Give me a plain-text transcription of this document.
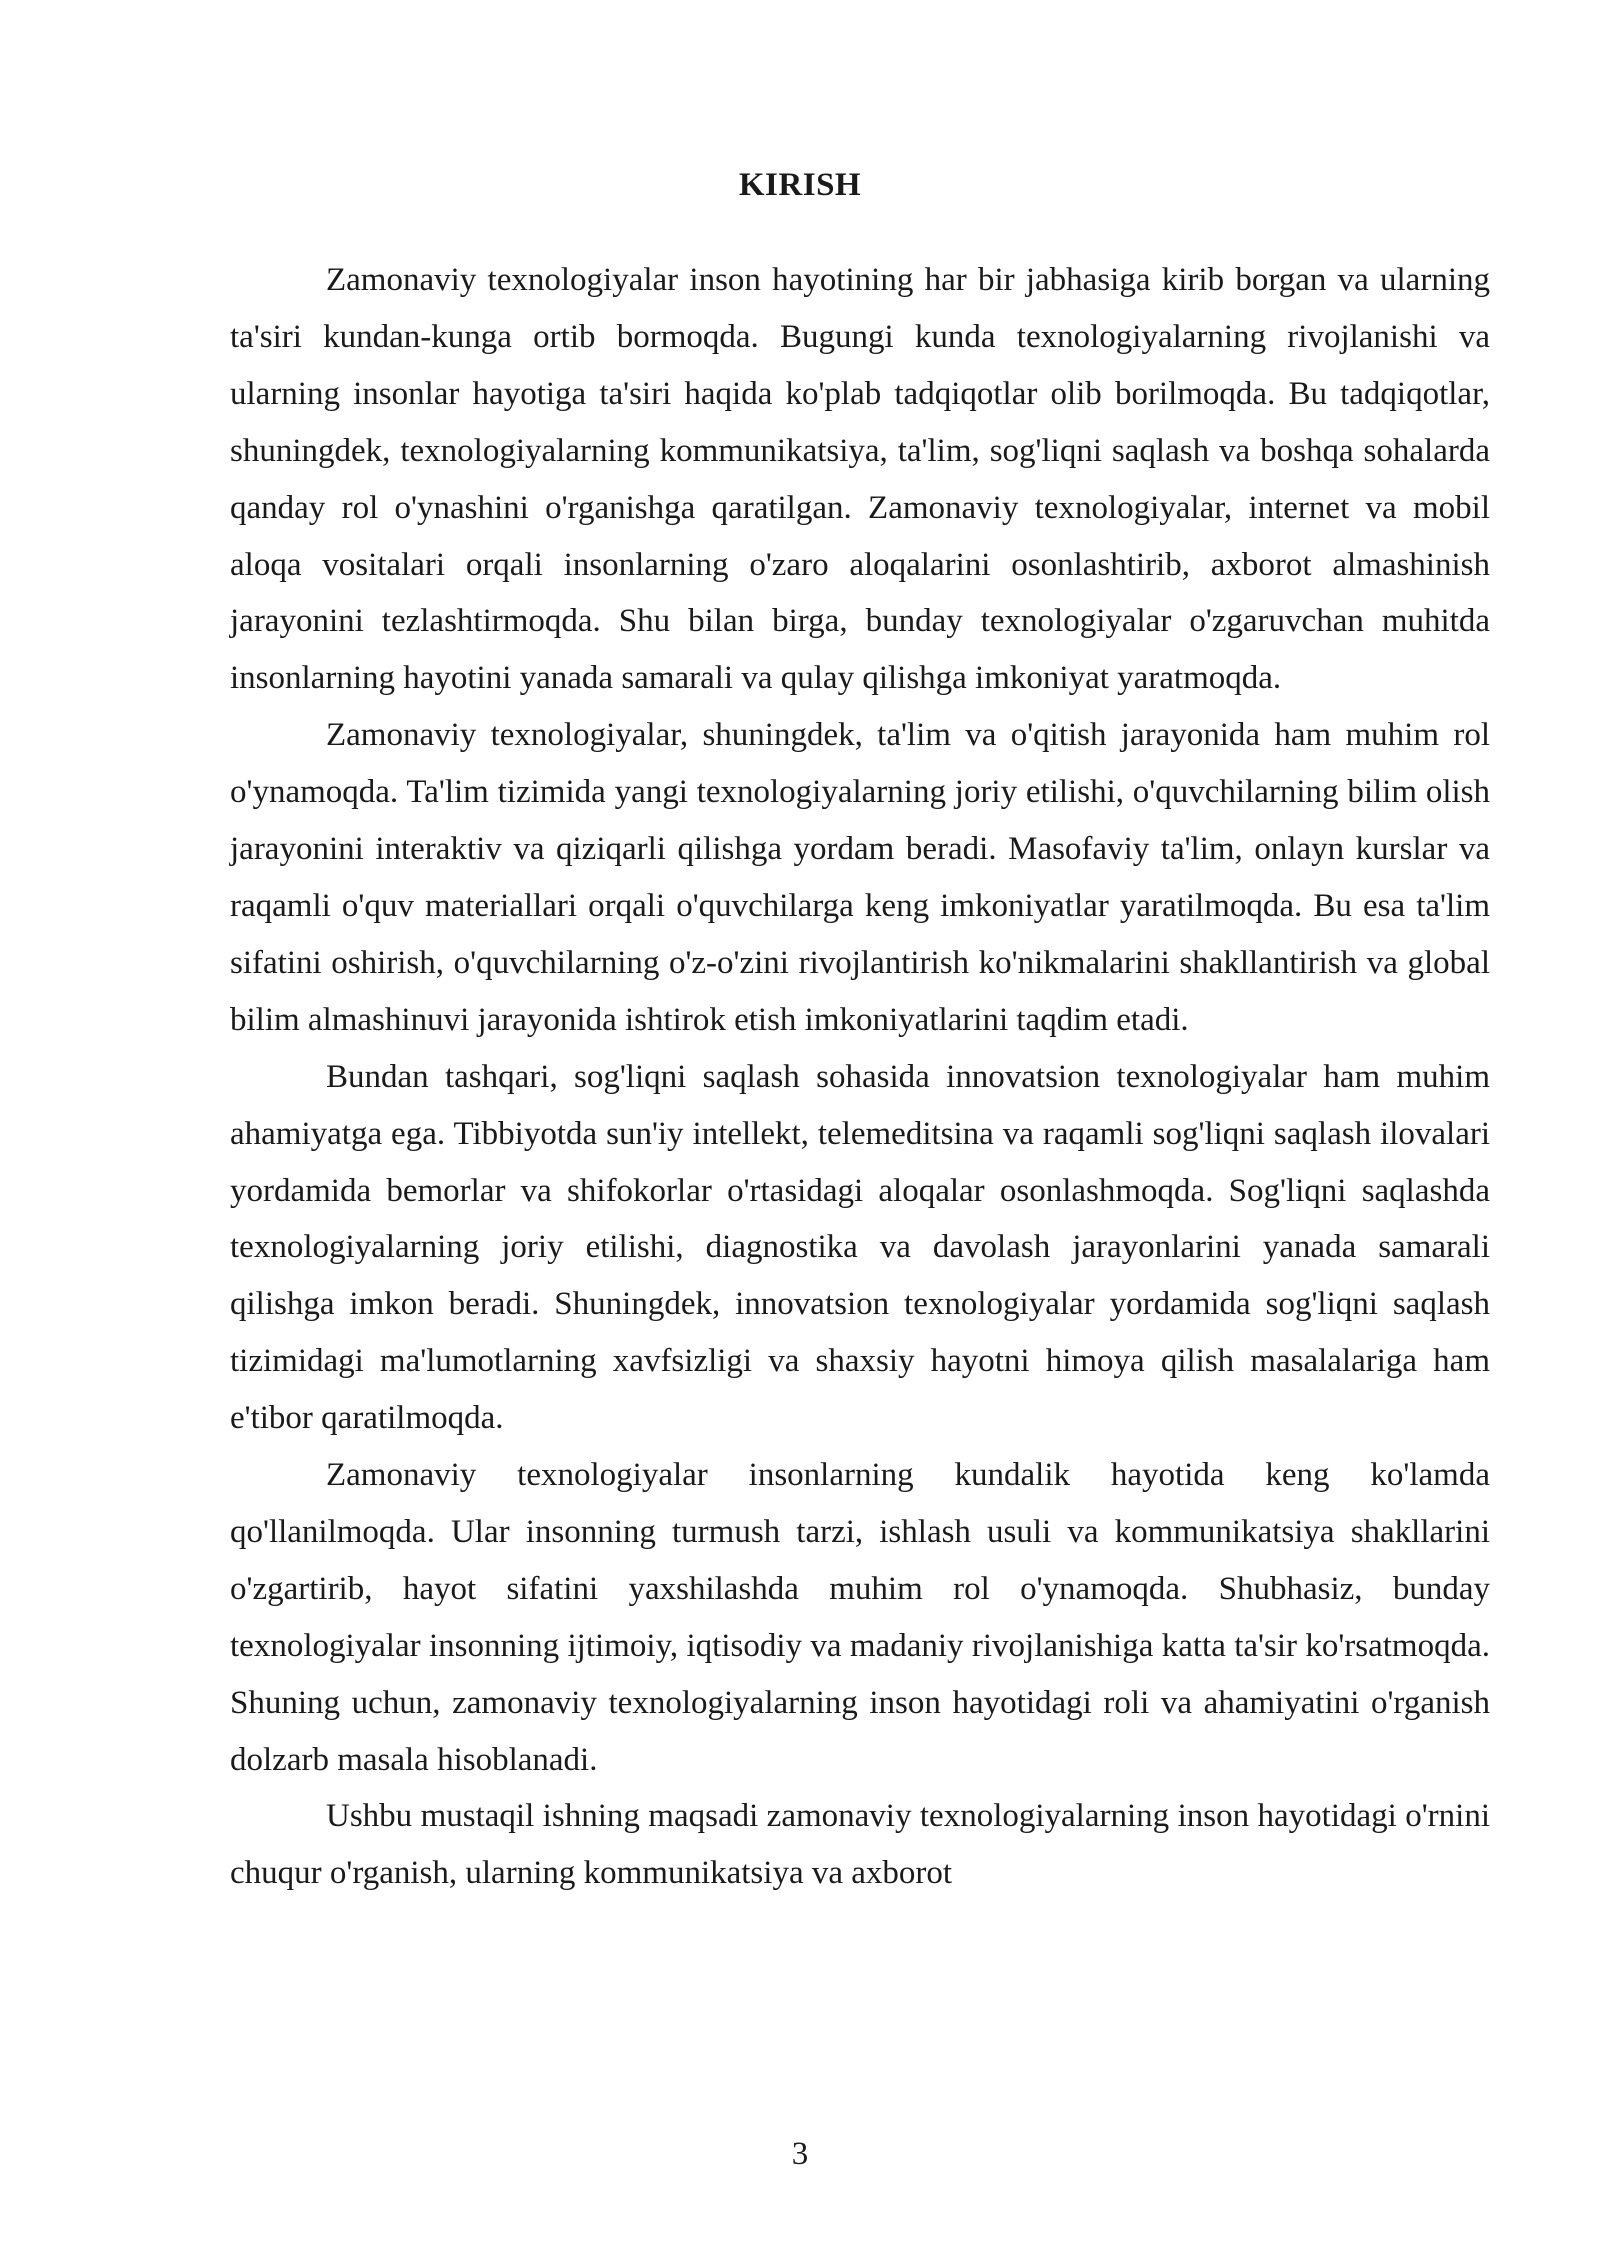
KIRISH

Zamonaviy texnologiyalar inson hayotining har bir jabhasiga kirib borgan va ularning ta'siri kundan-kunga ortib bormoqda. Bugungi kunda texnologiyalarning rivojlanishi va ularning insonlar hayotiga ta'siri haqida ko'plab tadqiqotlar olib borilmoqda. Bu tadqiqotlar, shuningdek, texnologiyalarning kommunikatsiya, ta'lim, sog'liqni saqlash va boshqa sohalarda qanday rol o'ynashini o'rganishga qaratilgan. Zamonaviy texnologiyalar, internet va mobil aloqa vositalari orqali insonlarning o'zaro aloqalarini osonlashtirib, axborot almashinish jarayonini tezlashtirmoqda. Shu bilan birga, bunday texnologiyalar o'zgaruvchan muhitda insonlarning hayotini yanada samarali va qulay qilishga imkoniyat yaratmoqda.

Zamonaviy texnologiyalar, shuningdek, ta'lim va o'qitish jarayonida ham muhim rol o'ynamoqda. Ta'lim tizimida yangi texnologiyalarning joriy etilishi, o'quvchilarning bilim olish jarayonini interaktiv va qiziqarli qilishga yordam beradi. Masofaviy ta'lim, onlayn kurslar va raqamli o'quv materiallari orqali o'quvchilarga keng imkoniyatlar yaratilmoqda. Bu esa ta'lim sifatini oshirish, o'quvchilarning o'z-o'zini rivojlantirish ko'nikmalarini shakllantirish va global bilim almashinuvi jarayonida ishtirok etish imkoniyatlarini taqdim etadi.

Bundan tashqari, sog'liqni saqlash sohasida innovatsion texnologiyalar ham muhim ahamiyatga ega. Tibbiyotda sun'iy intellekt, telemeditsina va raqamli sog'liqni saqlash ilovalari yordamida bemorlar va shifokorlar o'rtasidagi aloqalar osonlashmoqda. Sog'liqni saqlashda texnologiyalarning joriy etilishi, diagnostika va davolash jarayonlarini yanada samarali qilishga imkon beradi. Shuningdek, innovatsion texnologiyalar yordamida sog'liqni saqlash tizimidagi ma'lumotlarning xavfsizligi va shaxsiy hayotni himoya qilish masalalariga ham e'tibor qaratilmoqda.

Zamonaviy texnologiyalar insonlarning kundalik hayotida keng ko'lamda qo'llanilmoqda. Ular insonning turmush tarzi, ishlash usuli va kommunikatsiya shakllarini o'zgartirib, hayot sifatini yaxshilashda muhim rol o'ynamoqda. Shubhasiz, bunday texnologiyalar insonning ijtimoiy, iqtisodiy va madaniy rivojlanishiga katta ta'sir ko'rsatmoqda. Shuning uchun, zamonaviy texnologiyalarning inson hayotidagi roli va ahamiyatini o'rganish dolzarb masala hisoblanadi.

Ushbu mustaqil ishning maqsadi zamonaviy texnologiyalarning inson hayotidagi o'rnini chuqur o'rganish, ularning kommunikatsiya va axborot

3
